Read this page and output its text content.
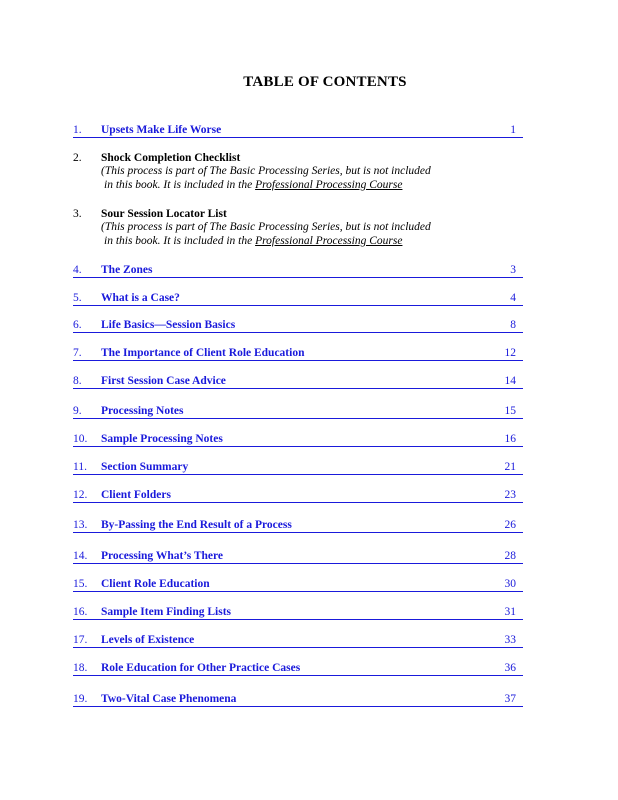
TABLE OF CONTENTS
1. Upsets Make Life Worse	1
2. Shock Completion Checklist
(This process is part of The Basic Processing Series, but is not included
in this book. It is included in the Professional Processing Course
3. Sour Session Locator List
(This process is part of The Basic Processing Series, but is not included
in this book. It is included in the Professional Processing Course
4. The Zones	3
5. What is a Case?	4
6. Life Basics—Session Basics	8
7. The Importance of Client Role Education	12
8. First Session Case Advice	14
9. Processing Notes	15
10. Sample Processing Notes	16
11. Section Summary	21
12. Client Folders	23
13. By-Passing the End Result of a Process	26
14. Processing What’s There	28
15. Client Role Education	30
16. Sample Item Finding Lists	31
17. Levels of Existence	33
18. Role Education for Other Practice Cases	36
19. Two-Vital Case Phenomena	37
